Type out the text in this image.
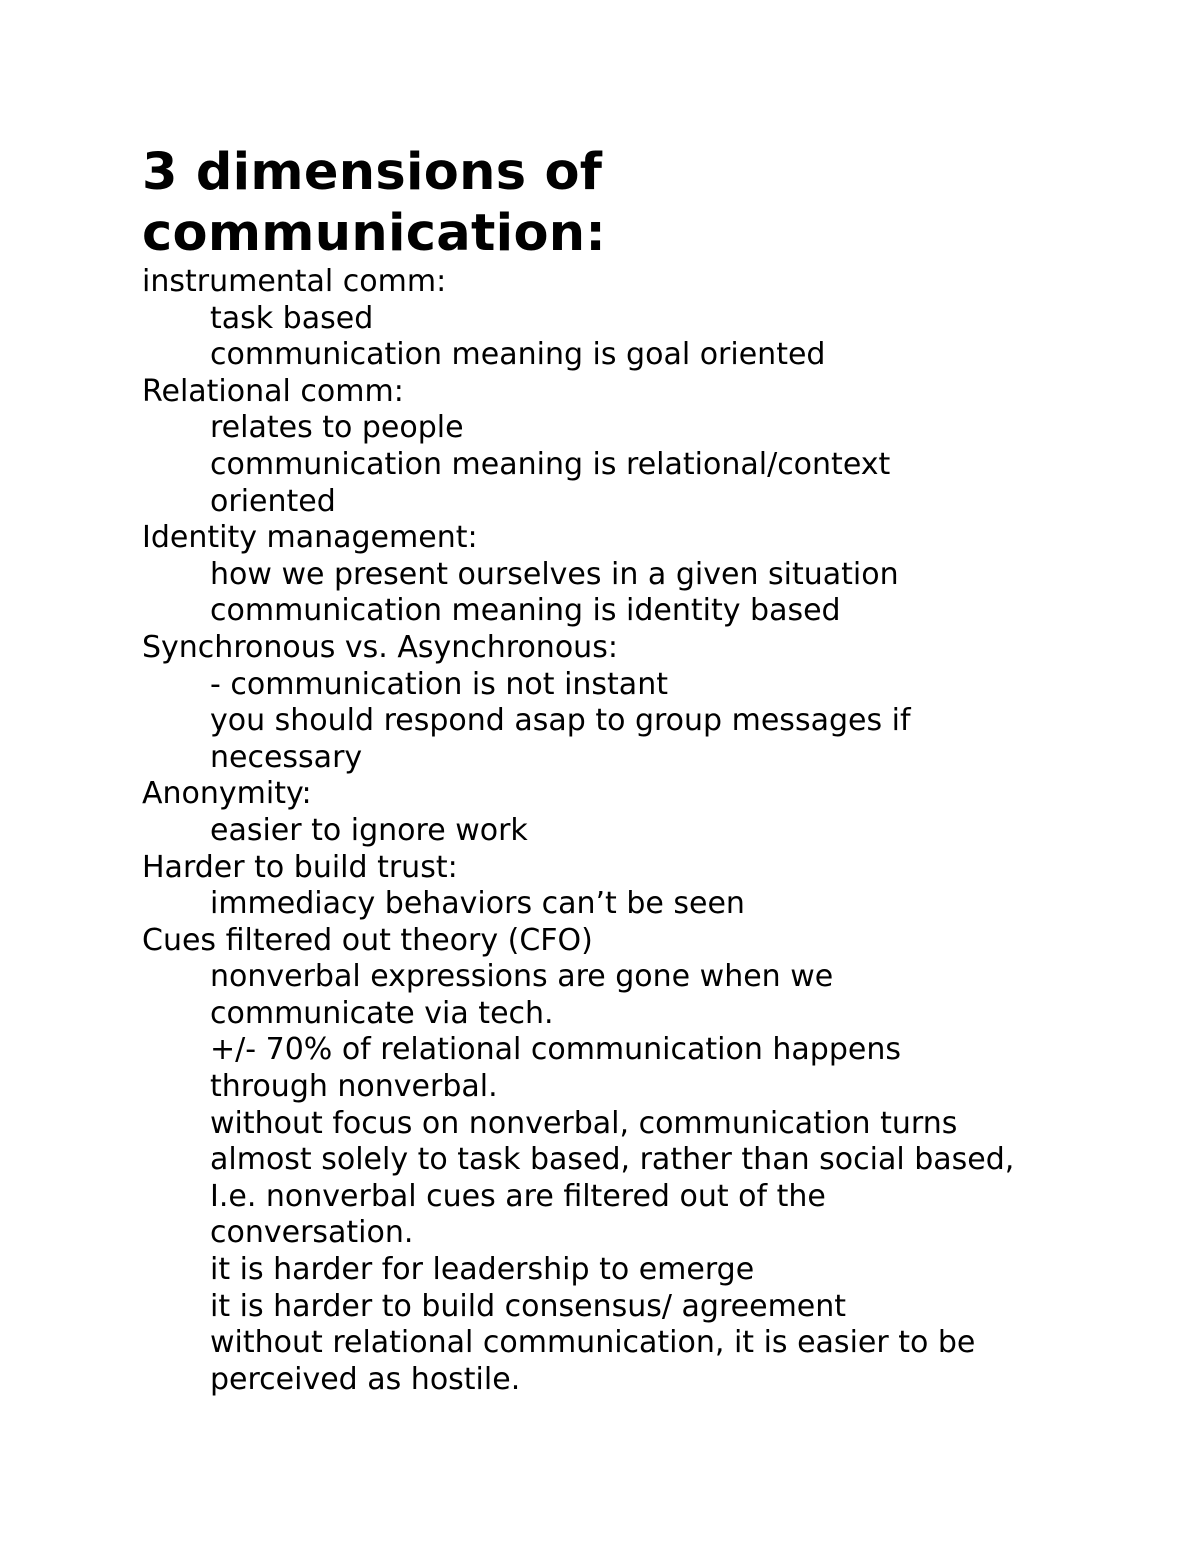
3 dimensions of communication:

instrumental comm:

task based
communication meaning is goal oriented

Relational comm:

relates to people
communication meaning is relational/context oriented

Identity management:

how we present ourselves in a given situation
communication meaning is identity based

Synchronous vs. Asynchronous:

- communication is not instant
you should respond asap to group messages if necessary

Anonymity:

easier to ignore work

Harder to build trust:

immediacy behaviors can’t be seen

Cues filtered out theory (CFO)

nonverbal expressions are gone when we communicate via tech.
+/- 70% of relational communication happens through nonverbal.
without focus on nonverbal, communication turns almost solely to task based, rather than social based, I.e. nonverbal cues are filtered out of the conversation.
it is harder for leadership to emerge
it is harder to build consensus/ agreement
without relational communication, it is easier to be perceived as hostile.
